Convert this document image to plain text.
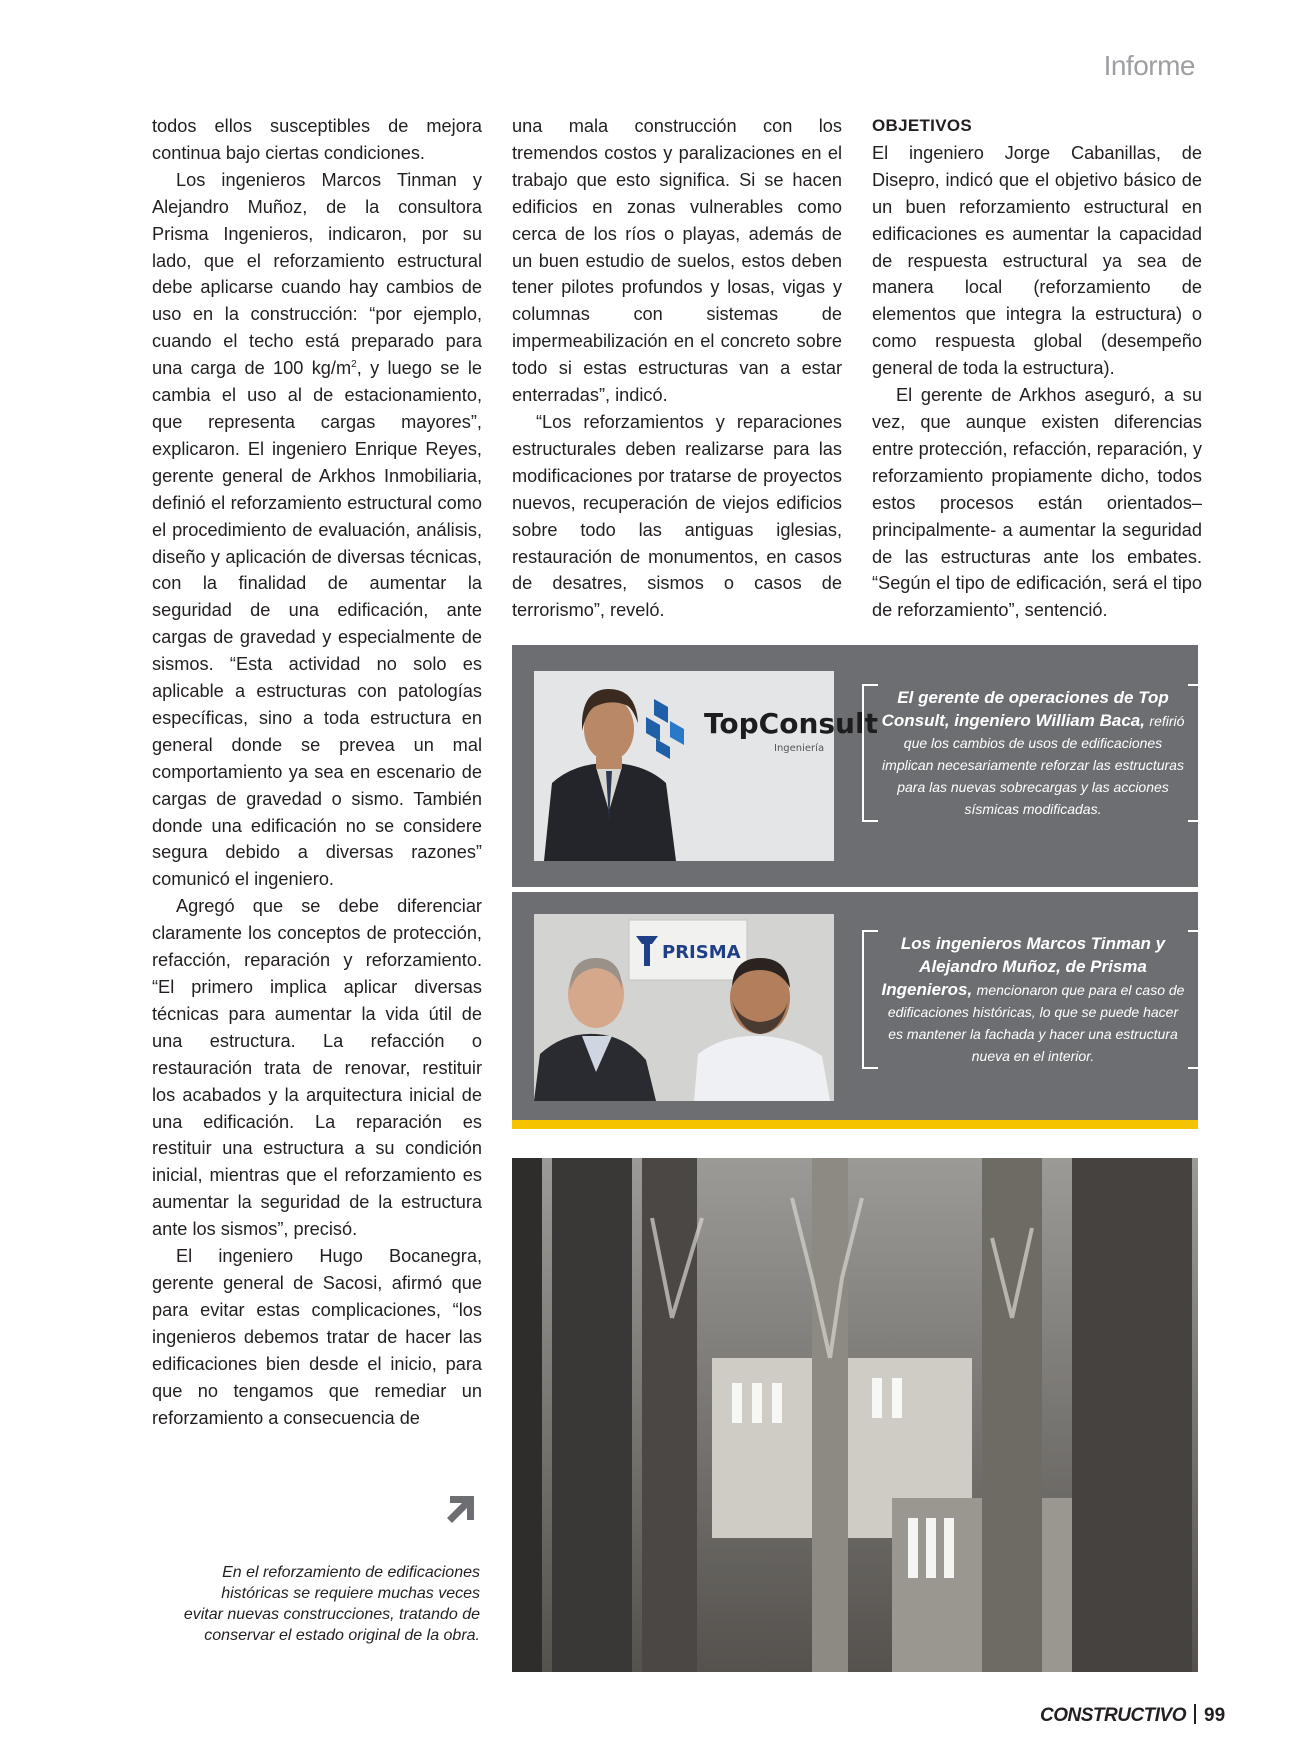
Informe

todos ellos susceptibles de mejora continua bajo ciertas condiciones.

Los ingenieros Marcos Tinman y Alejandro Muñoz, de la consultora Prisma Ingenieros, indicaron, por su lado, que el reforzamiento estructural debe aplicarse cuando hay cambios de uso en la construcción: “por ejemplo, cuando el techo está preparado para una carga de 100 $kg/m^2$, y luego se le cambia el uso al de estacionamiento, que representa cargas mayores”, explicaron. El ingeniero Enrique Reyes, gerente general de Arkhos Inmobiliaria, definió el reforzamiento estructural como el procedimiento de evaluación, análisis, diseño y aplicación de diversas técnicas, con la finalidad de aumentar la seguridad de una edificación, ante cargas de gravedad y especialmente de sismos. “Esta actividad no solo es aplicable a estructuras con patologías específicas, sino a toda estructura en general donde se prevea un mal comportamiento ya sea en escenario de cargas de gravedad o sismo. También donde una edificación no se considere segura debido a diversas razones” comunicó el ingeniero.

Agregó que se debe diferenciar claramente los conceptos de protección, refacción, reparación y reforzamiento. “El primero implica aplicar diversas técnicas para aumentar la vida útil de una estructura. La refacción o restauración trata de renovar, restituir los acabados y la arquitectura inicial de una edificación. La reparación es restituir una estructura a su condición inicial, mientras que el reforzamiento es aumentar la seguridad de la estructura ante los sismos”, precisó.

El ingeniero Hugo Bocanegra, gerente general de Sacosi, afirmó que para evitar estas complicaciones, “los ingenieros debemos tratar de hacer las edificaciones bien desde el inicio, para que no tengamos que remediar un reforzamiento a consecuencia de

una mala construcción con los tremendos costos y paralizaciones en el trabajo que esto significa. Si se hacen edificios en zonas vulnerables como cerca de los ríos o playas, además de un buen estudio de suelos, estos deben tener pilotes profundos y losas, vigas y columnas con sistemas de impermeabilización en el concreto sobre todo si estas estructuras van a estar enterradas”, indicó.

“Los reforzamientos y reparaciones estructurales deben realizarse para las modificaciones por tratarse de proyectos nuevos, recuperación de viejos edificios sobre todo las antiguas iglesias, restauración de monumentos, en casos de desatres, sismos o casos de terrorismo”, reveló.

OBJETIVOS

El ingeniero Jorge Cabanillas, de Disepro, indicó que el objetivo básico de un buen reforzamiento estructural en edificaciones es aumentar la capacidad de respuesta estructural ya sea de manera local (reforzamiento de elementos que integra la estructura) o como respuesta global (desempeño general de toda la estructura).

El gerente de Arkhos aseguró, a su vez, que aunque existen diferencias entre protección, refacción, reparación, y reforzamiento propiamente dicho, todos estos procesos están orientados– principalmente- a aumentar la seguridad de las estructuras ante los embates. “Según el tipo de edificación, será el tipo de reforzamiento”, sentenció.

TopConsult
Ingeniería
PRISMA
El gerente de operaciones de Top Consult, ingeniero William Baca, refirió que los cambios de usos de edificaciones implican necesariamente reforzar las estructuras para las nuevas sobrecargas y las acciones sísmicas modificadas.
Los ingenieros Marcos Tinman y Alejandro Muñoz, de Prisma Ingenieros, mencionaron que para el caso de edificaciones históricas, lo que se puede hacer es mantener la fachada y hacer una estructura nueva en el interior.
En el reforzamiento de edificaciones históricas se requiere muchas veces evitar nuevas construcciones, tratando de conservar el estado original de la obra.
CONSTRUCTIVO 99
